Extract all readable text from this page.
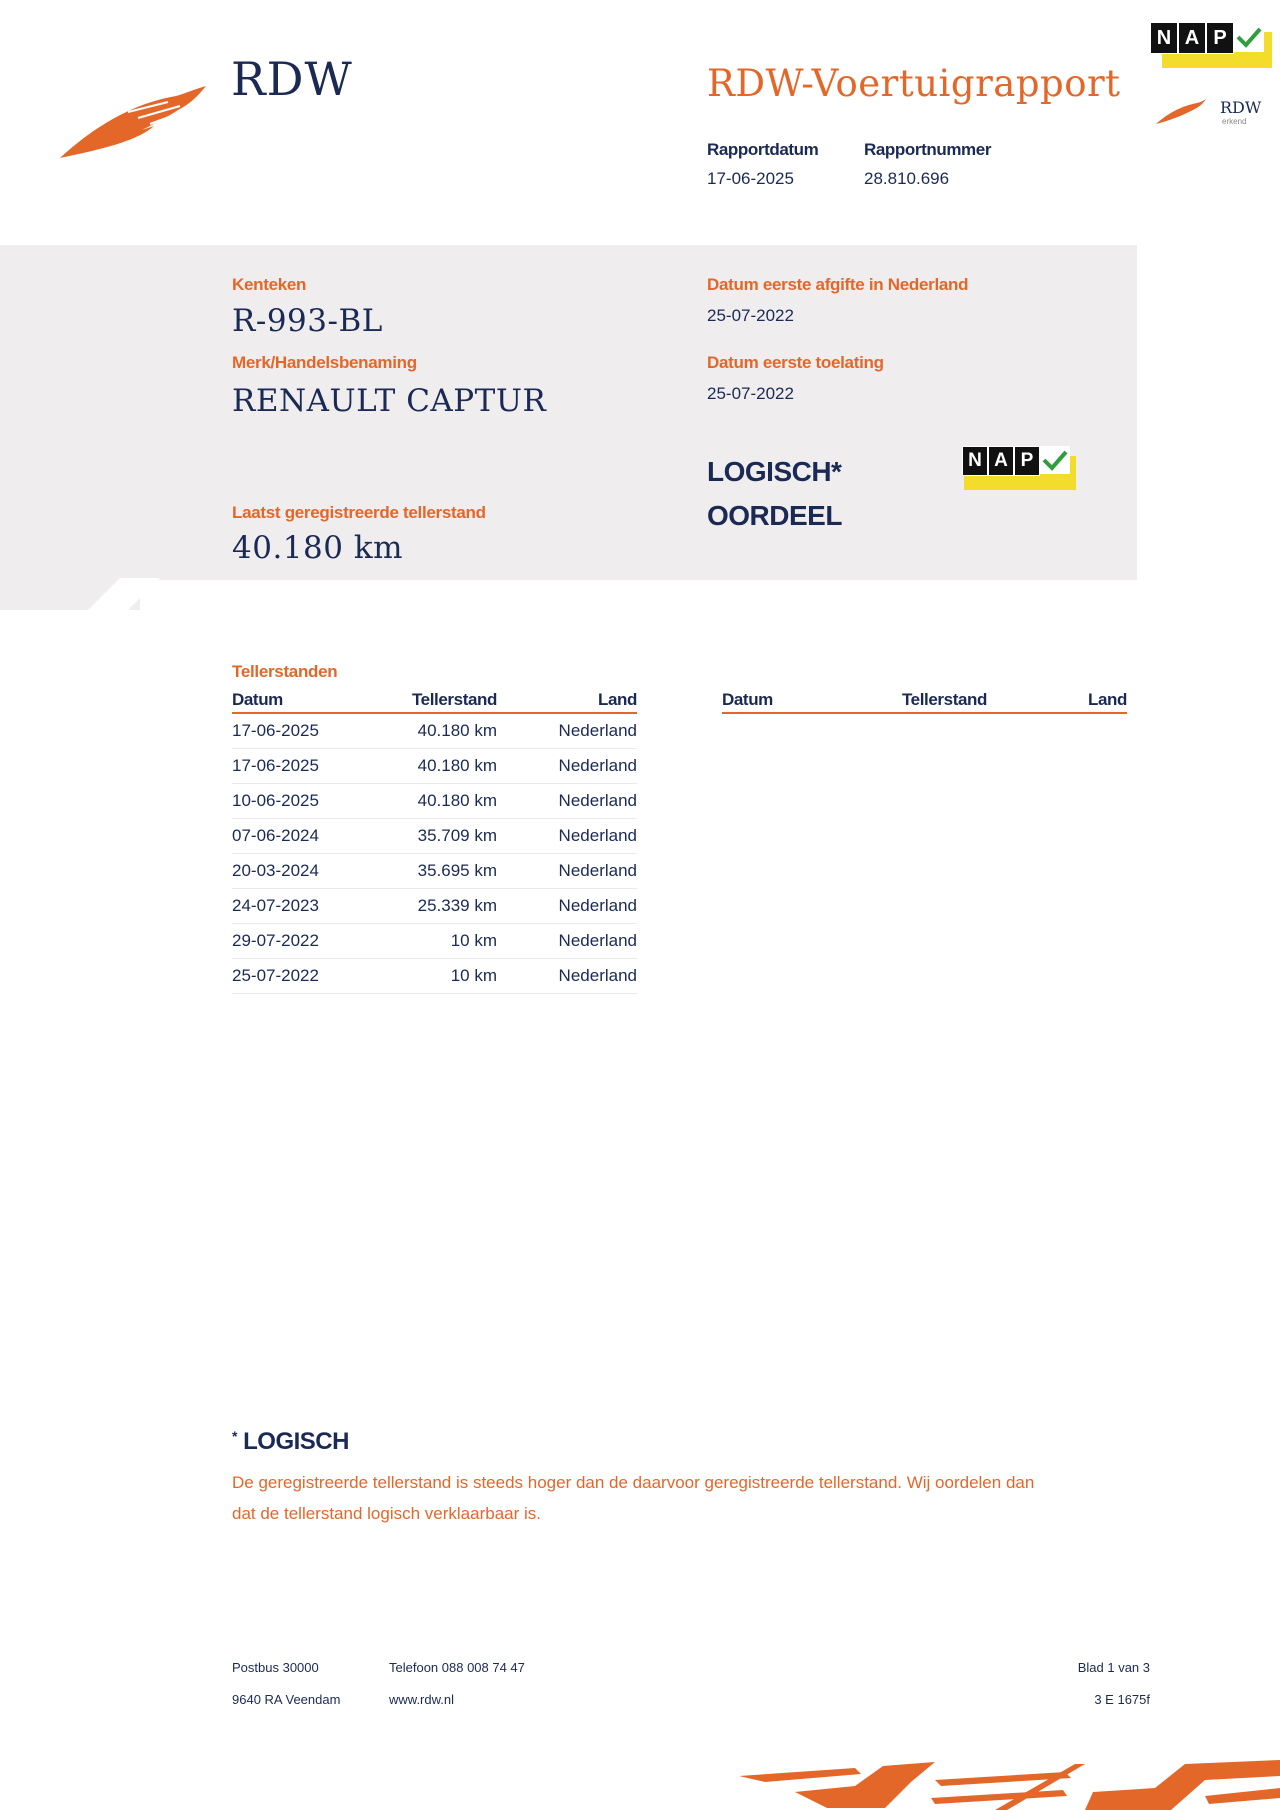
RDW	RDW-Voertuigrapport
Rapportdatum
17-06-2025
Rapportnummer
28.810.696
N A P
RDW
erkend
Kenteken
R-993-BL
Merk/Handelsbenaming
RENAULT CAPTUR
Datum eerste afgifte in Nederland
25-07-2022
Datum eerste toelating
25-07-2022
LOGISCH*
OORDEEL
N A P
Laatst geregistreerde tellerstand
40.180 km
Tellerstanden
Datum	Tellerstand	Land
17-06-2025	40.180 km	Nederland
17-06-2025	40.180 km	Nederland
10-06-2025	40.180 km	Nederland
07-06-2024	35.709 km	Nederland
20-03-2024	35.695 km	Nederland
24-07-2023	25.339 km	Nederland
29-07-2022	10 km	Nederland
25-07-2022	10 km	Nederland
Datum	Tellerstand	Land
* LOGISCH
De geregistreerde tellerstand is steeds hoger dan de daarvoor geregistreerde tellerstand. Wij oordelen dan
dat de tellerstand logisch verklaarbaar is.
Postbus 30000
9640 RA Veendam
Telefoon 088 008 74 47
www.rdw.nl
Blad 1 van 3
3 E 1675f
